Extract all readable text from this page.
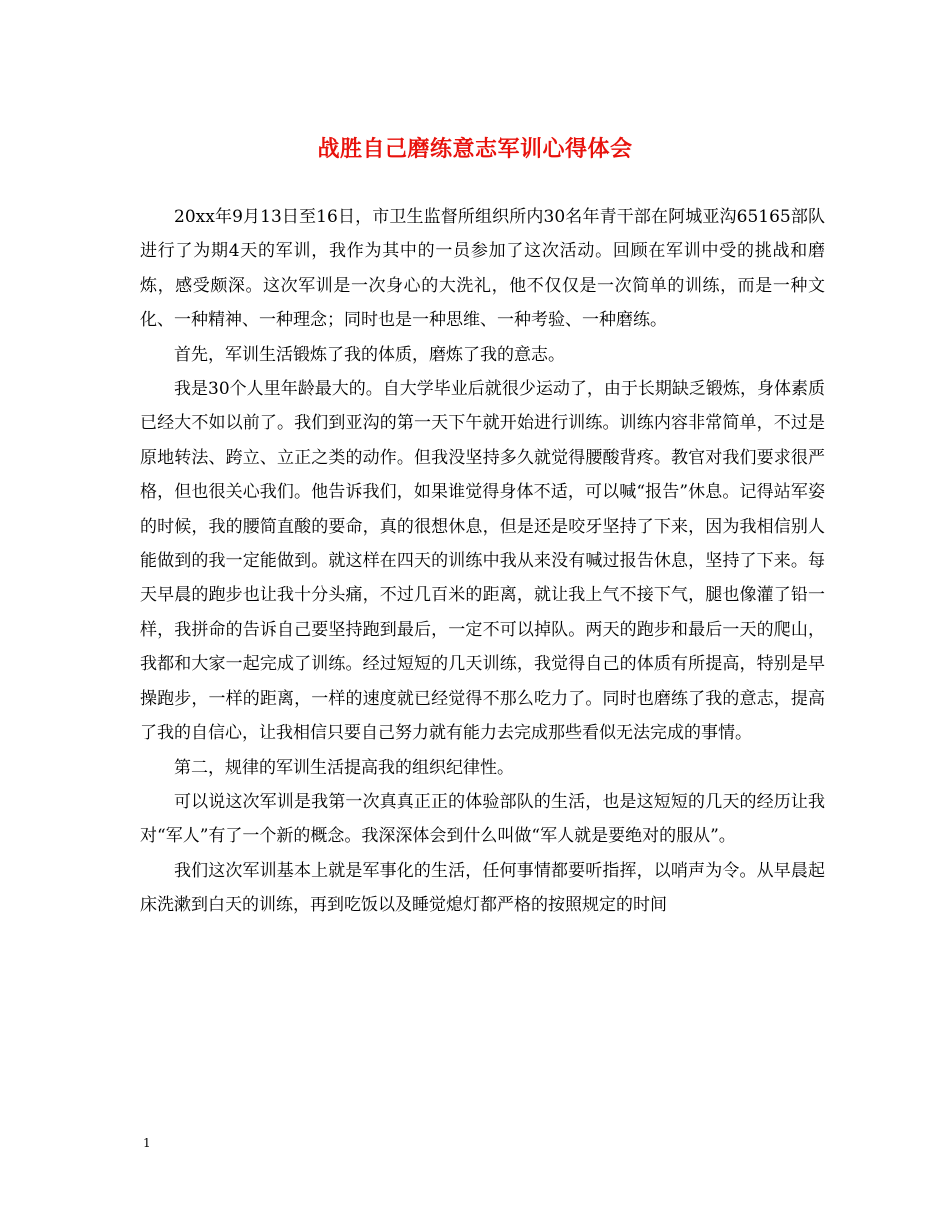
战胜自己磨练意志军训心得体会

20xx年9月13日至16日，市卫生监督所组织所内30名年青干部在阿城亚沟65165部队进行了为期4天的军训，我作为其中的一员参加了这次活动。回顾在军训中受的挑战和磨炼，感受颇深。这次军训是一次身心的大洗礼，他不仅仅是一次简单的训练，而是一种文化、一种精神、一种理念；同时也是一种思维、一种考验、一种磨练。

首先，军训生活锻炼了我的体质，磨炼了我的意志。

我是30个人里年龄最大的。自大学毕业后就很少运动了，由于长期缺乏锻炼，身体素质已经大不如以前了。我们到亚沟的第一天下午就开始进行训练。训练内容非常简单，不过是原地转法、跨立、立正之类的动作。但我没坚持多久就觉得腰酸背疼。教官对我们要求很严格，但也很关心我们。他告诉我们，如果谁觉得身体不适，可以喊“报告”休息。记得站军姿的时候，我的腰简直酸的要命，真的很想休息，但是还是咬牙坚持了下来，因为我相信别人能做到的我一定能做到。就这样在四天的训练中我从来没有喊过报告休息，坚持了下来。每天早晨的跑步也让我十分头痛，不过几百米的距离，就让我上气不接下气，腿也像灌了铅一样，我拼命的告诉自己要坚持跑到最后，一定不可以掉队。两天的跑步和最后一天的爬山，我都和大家一起完成了训练。经过短短的几天训练，我觉得自己的体质有所提高，特别是早操跑步，一样的距离，一样的速度就已经觉得不那么吃力了。同时也磨练了我的意志，提高了我的自信心，让我相信只要自己努力就有能力去完成那些看似无法完成的事情。

第二，规律的军训生活提高我的组织纪律性。

可以说这次军训是我第一次真真正正的体验部队的生活，也是这短短的几天的经历让我对“军人”有了一个新的概念。我深深体会到什么叫做“军人就是要绝对的服从”。

我们这次军训基本上就是军事化的生活，任何事情都要听指挥，以哨声为令。从早晨起床洗漱到白天的训练，再到吃饭以及睡觉熄灯都严格的按照规定的时间

1
